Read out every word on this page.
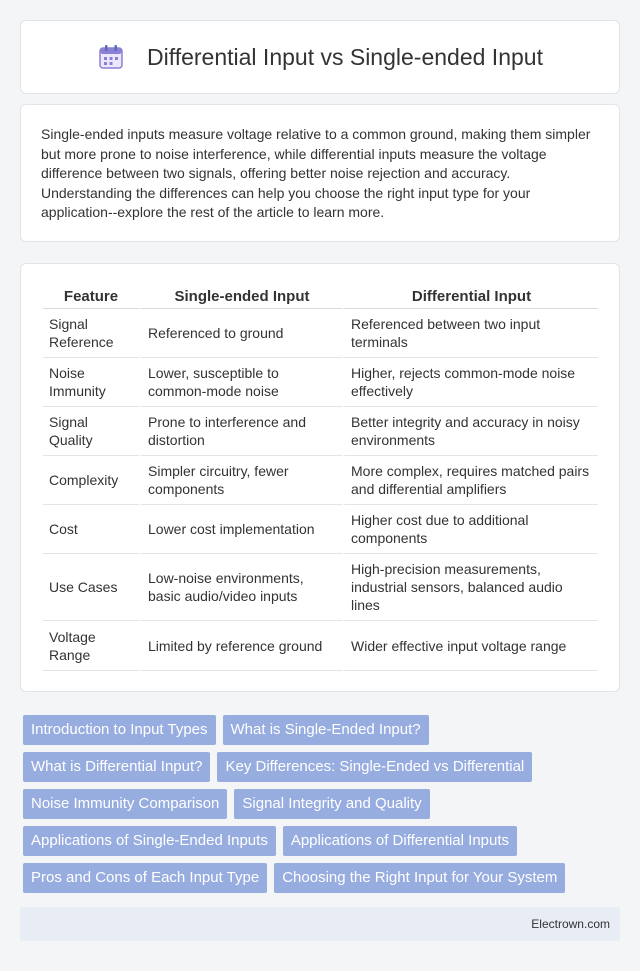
Differential Input vs Single-ended Input

Single-ended inputs measure voltage relative to a common ground, making them simpler but more prone to noise interference, while differential inputs measure the voltage difference between two signals, offering better noise rejection and accuracy. Understanding the differences can help you choose the right input type for your application--explore the rest of the article to learn more.

Feature	Single-ended Input	Differential Input
Signal Reference	Referenced to ground	Referenced between two input terminals
Noise Immunity	Lower, susceptible to common-mode noise	Higher, rejects common-mode noise effectively
Signal Quality	Prone to interference and distortion	Better integrity and accuracy in noisy environments
Complexity	Simpler circuitry, fewer components	More complex, requires matched pairs and differential amplifiers
Cost	Lower cost implementation	Higher cost due to additional components
Use Cases	Low-noise environments, basic audio/video inputs	High-precision measurements, industrial sensors, balanced audio lines
Voltage Range	Limited by reference ground	Wider effective input voltage range
Introduction to Input Types	What is Single-Ended Input?
What is Differential Input?	Key Differences: Single-Ended vs Differential
Noise Immunity Comparison	Signal Integrity and Quality
Applications of Single-Ended Inputs	Applications of Differential Inputs
Pros and Cons of Each Input Type	Choosing the Right Input for Your System
Electrown.com
